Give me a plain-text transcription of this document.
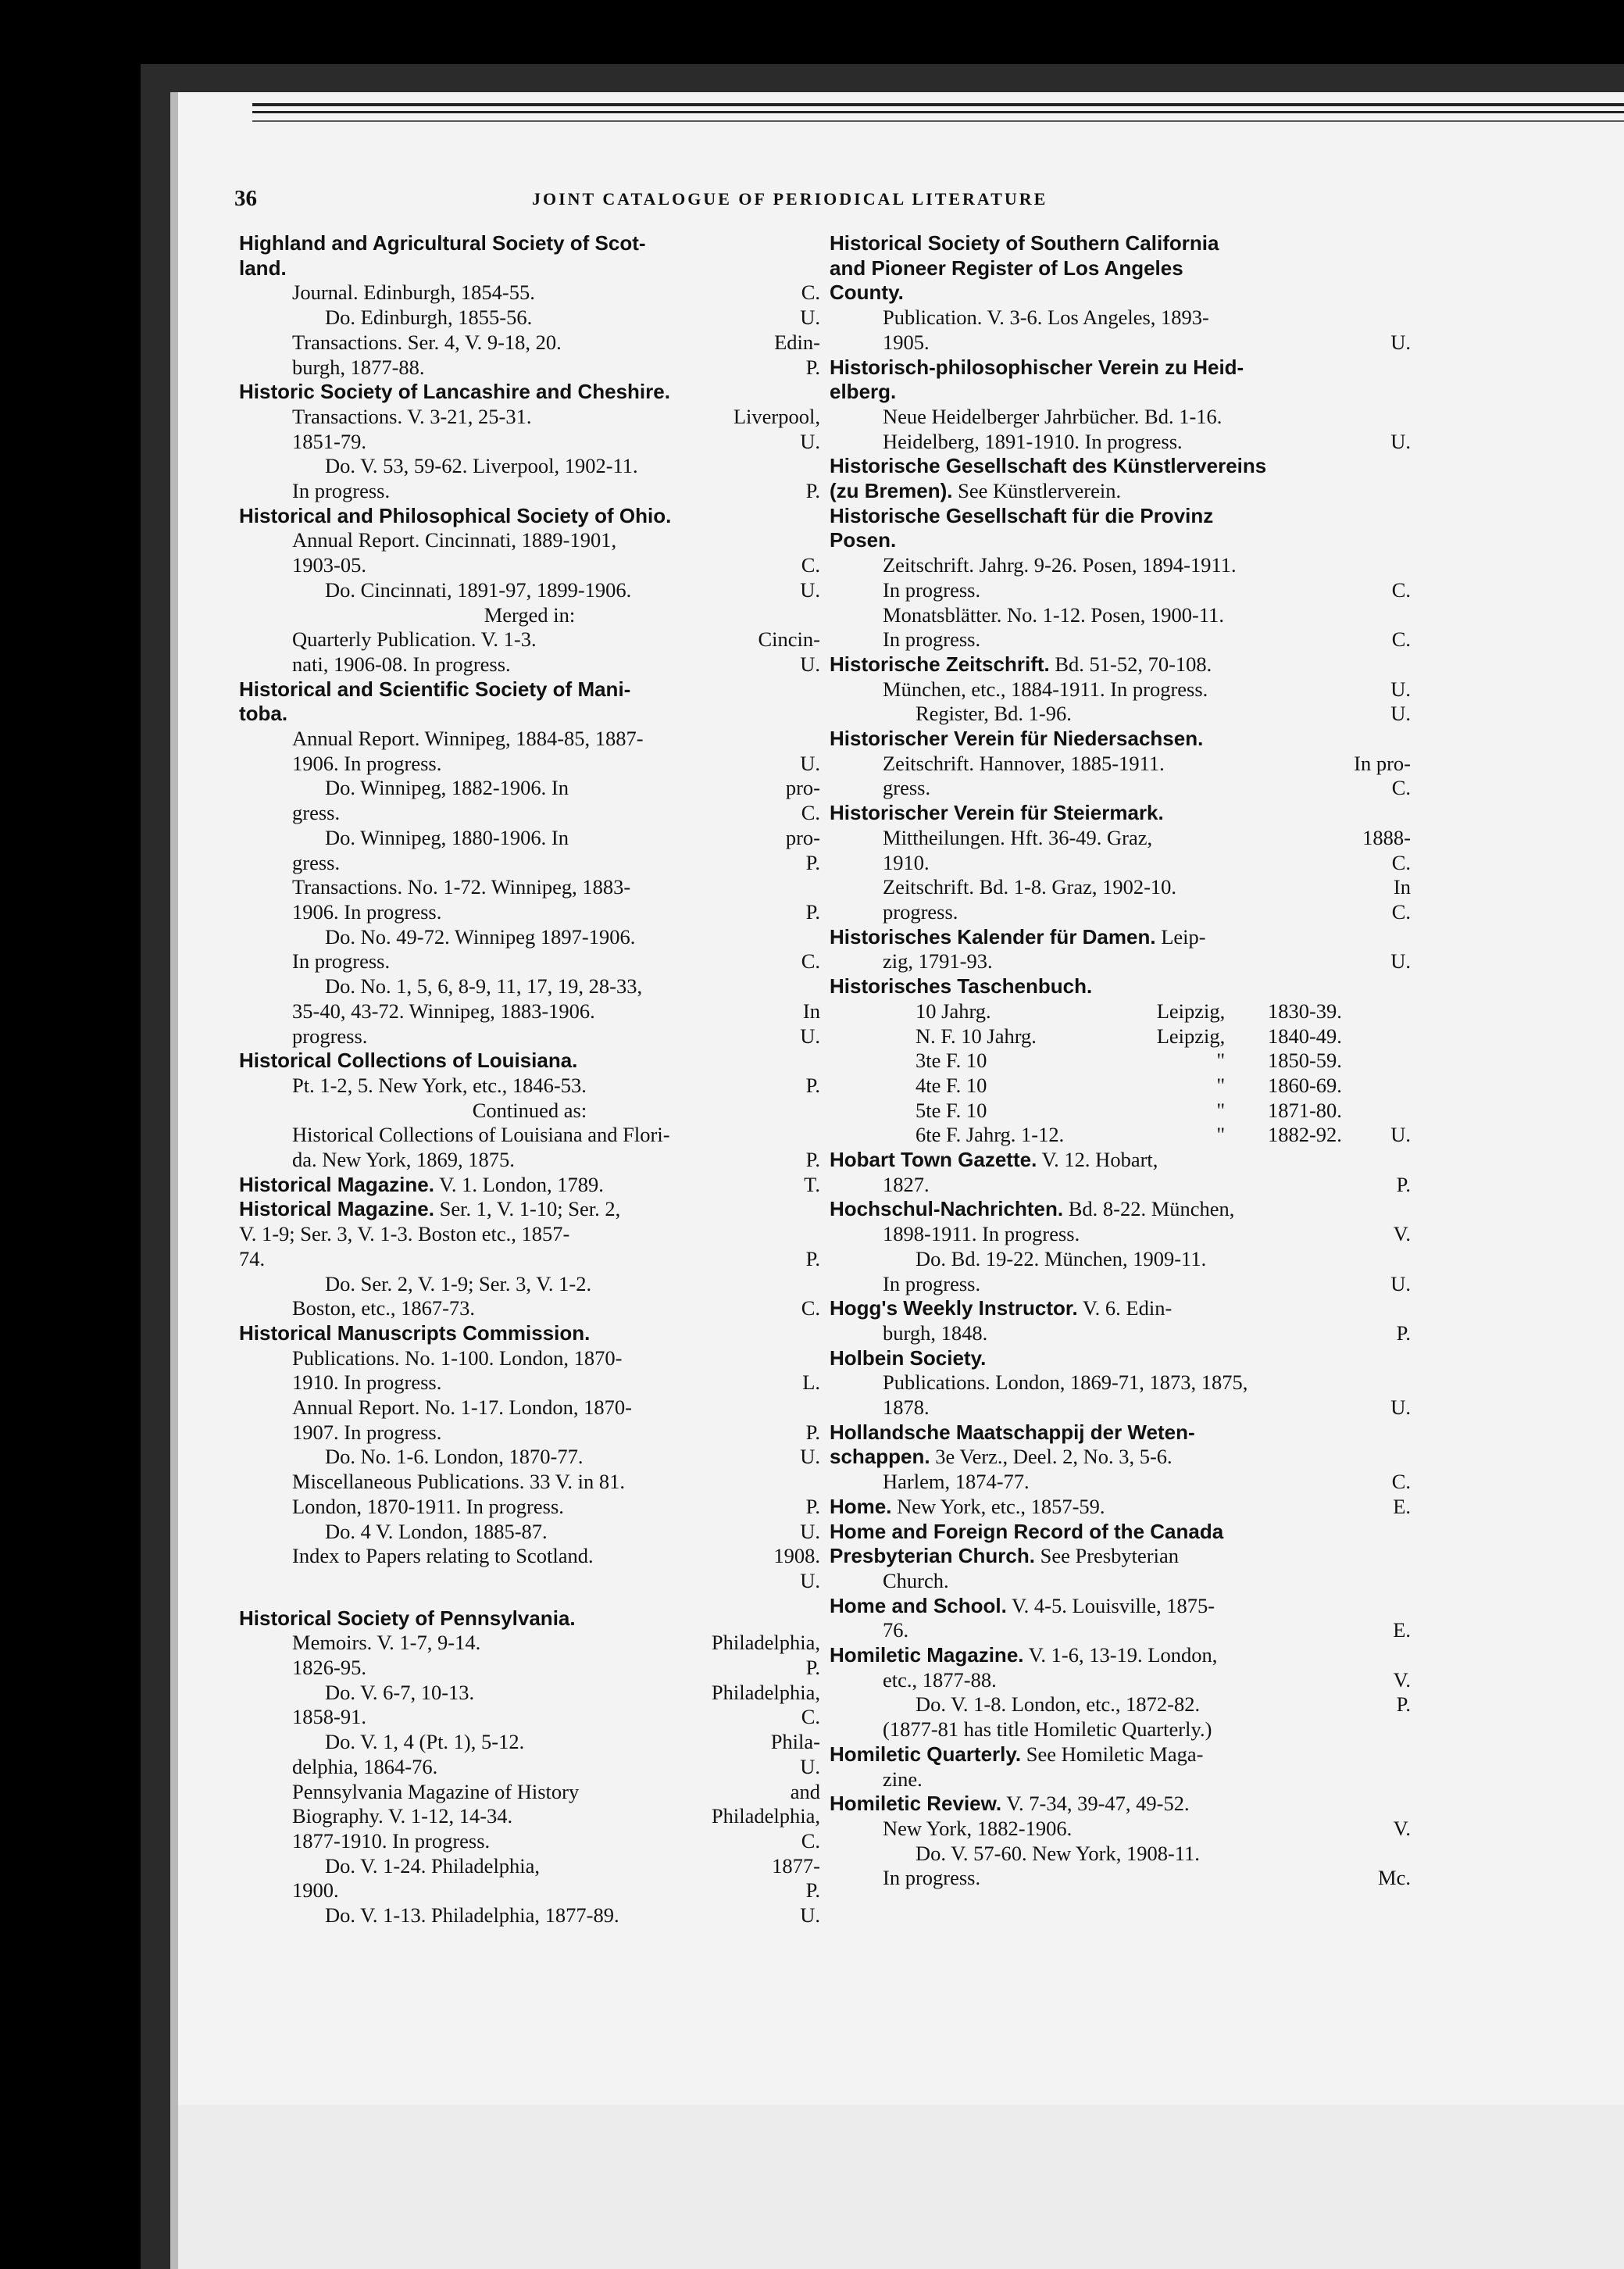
36	JOINT CATALOGUE OF PERIODICAL LITERATURE
Highland and Agricultural Society of Scot-
land.
Journal. Edinburgh, 1854-55.	C.
Do. Edinburgh, 1855-56.	U.
Transactions. Ser. 4, V. 9-18, 20.	Edin-
burgh, 1877-88.	P.
Historic Society of Lancashire and Cheshire.
Transactions. V. 3-21, 25-31.	Liverpool,
1851-79.	U.
Do. V. 53, 59-62. Liverpool, 1902-11.
In progress.	P.
Historical and Philosophical Society of Ohio.
Annual Report. Cincinnati, 1889-1901,
1903-05.	C.
Do. Cincinnati, 1891-97, 1899-1906.	U.
Merged in:
Quarterly Publication. V. 1-3.	Cincin-
nati, 1906-08. In progress.	U.
Historical and Scientific Society of Mani-
toba.
Annual Report. Winnipeg, 1884-85, 1887-
1906. In progress.	U.
Do. Winnipeg, 1882-1906. In	pro-
gress.	C.
Do. Winnipeg, 1880-1906. In	pro-
gress.	P.
Transactions. No. 1-72. Winnipeg, 1883-
1906. In progress.	P.
Do. No. 49-72. Winnipeg 1897-1906.
In progress.	C.
Do. No. 1, 5, 6, 8-9, 11, 17, 19, 28-33,
35-40, 43-72. Winnipeg, 1883-1906.	In
progress.	U.
Historical Collections of Louisiana.
Pt. 1-2, 5. New York, etc., 1846-53.	P.
Continued as:
Historical Collections of Louisiana and Flori-
da. New York, 1869, 1875.	P.
Historical Magazine. V. 1. London, 1789.	T.
Historical Magazine. Ser. 1, V. 1-10; Ser. 2,
V. 1-9; Ser. 3, V. 1-3. Boston etc., 1857-
74.	P.
Do. Ser. 2, V. 1-9; Ser. 3, V. 1-2.
Boston, etc., 1867-73.	C.
Historical Manuscripts Commission.
Publications. No. 1-100. London, 1870-
1910. In progress.	L.
Annual Report. No. 1-17. London, 1870-
1907. In progress.	P.
Do. No. 1-6. London, 1870-77.	U.
Miscellaneous Publications. 33 V. in 81.
London, 1870-1911. In progress.	P.
Do. 4 V. London, 1885-87.	U.
Index to Papers relating to Scotland.	1908.
U.
Historical Society of Pennsylvania.
Memoirs. V. 1-7, 9-14.	Philadelphia,
1826-95.	P.
Do. V. 6-7, 10-13.	Philadelphia,
1858-91.	C.
Do. V. 1, 4 (Pt. 1), 5-12.	Phila-
delphia, 1864-76.	U.
Pennsylvania Magazine of History	and
Biography. V. 1-12, 14-34.	Philadelphia,
1877-1910. In progress.	C.
Do. V. 1-24. Philadelphia,	1877-
1900.	P.
Do. V. 1-13. Philadelphia, 1877-89.	U.
Historical Society of Southern California
and Pioneer Register of Los Angeles
County.
Publication. V. 3-6. Los Angeles, 1893-
1905.	U.
Historisch-philosophischer Verein zu Heid-
elberg.
Neue Heidelberger Jahrbücher. Bd. 1-16.
Heidelberg, 1891-1910. In progress.	U.
Historische Gesellschaft des Künstlervereins
(zu Bremen). See Künstlerverein.
Historische Gesellschaft für die Provinz
Posen.
Zeitschrift. Jahrg. 9-26. Posen, 1894-1911.
In progress.	C.
Monatsblätter. No. 1-12. Posen, 1900-11.
In progress.	C.
Historische Zeitschrift. Bd. 51-52, 70-108.
München, etc., 1884-1911. In progress.	U.
Register, Bd. 1-96.	U.
Historischer Verein für Niedersachsen.
Zeitschrift. Hannover, 1885-1911.	In pro-
gress.	C.
Historischer Verein für Steiermark.
Mittheilungen. Hft. 36-49. Graz,	1888-
1910.	C.
Zeitschrift. Bd. 1-8. Graz, 1902-10.	In
progress.	C.
Historisches Kalender für Damen. Leip-
zig, 1791-93.	U.
Historisches Taschenbuch.
10 Jahrg.	Leipzig,	1830-39.
N. F. 10 Jahrg.	Leipzig,	1840-49.
3te F. 10	"	1850-59.
4te F. 10	"	1860-69.
5te F. 10	"	1871-80.
6te F. Jahrg. 1-12.	"	1882-92.	U.
Hobart Town Gazette. V. 12. Hobart,
1827.	P.
Hochschul-Nachrichten. Bd. 8-22. München,
1898-1911. In progress.	V.
Do. Bd. 19-22. München, 1909-11.
In progress.	U.
Hogg's Weekly Instructor. V. 6. Edin-
burgh, 1848.	P.
Holbein Society.
Publications. London, 1869-71, 1873, 1875,
1878.	U.
Hollandsche Maatschappij der Weten-
schappen. 3e Verz., Deel. 2, No. 3, 5-6.
Harlem, 1874-77.	C.
Home. New York, etc., 1857-59.	E.
Home and Foreign Record of the Canada
Presbyterian Church. See Presbyterian
Church.
Home and School. V. 4-5. Louisville, 1875-
76.	E.
Homiletic Magazine. V. 1-6, 13-19. London,
etc., 1877-88.	V.
Do. V. 1-8. London, etc., 1872-82.	P.
(1877-81 has title Homiletic Quarterly.)
Homiletic Quarterly. See Homiletic Maga-
zine.
Homiletic Review. V. 7-34, 39-47, 49-52.
New York, 1882-1906.	V.
Do. V. 57-60. New York, 1908-11.
In progress.	Mc.
